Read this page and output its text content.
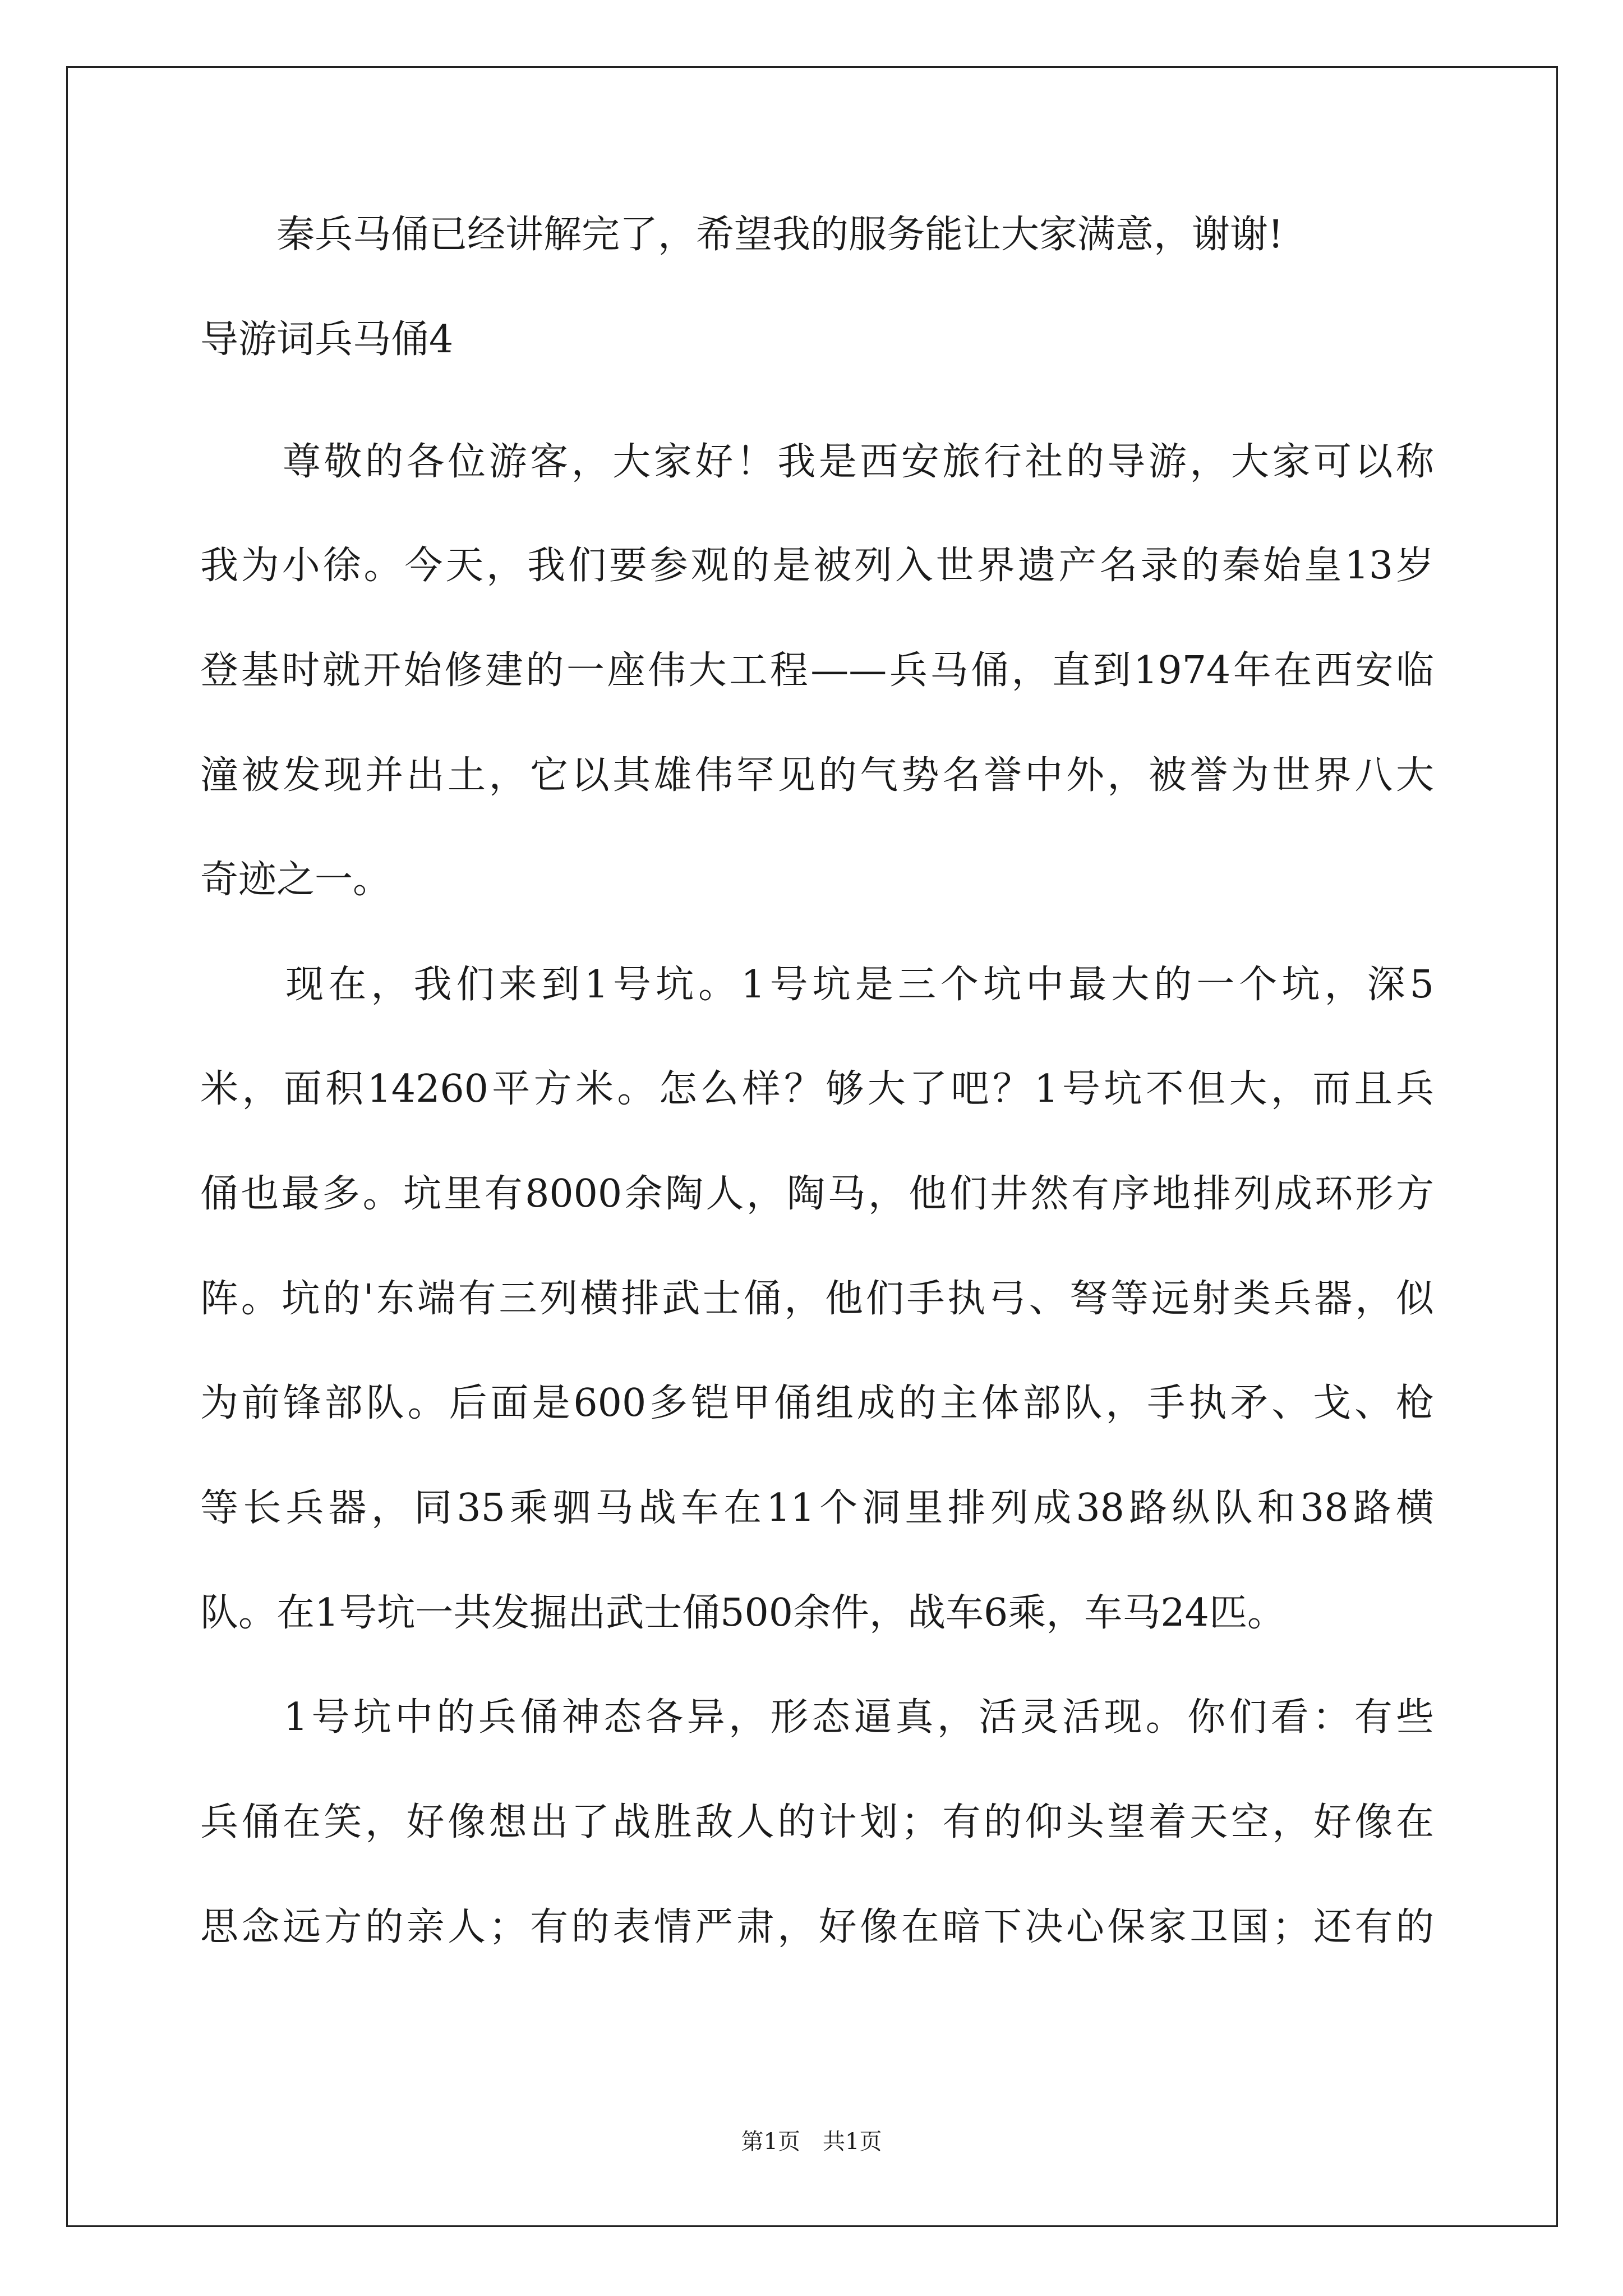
　　秦兵马俑已经讲解完了，希望我的服务能让大家满意，谢谢!

导游词兵马俑4

　　尊敬的各位游客，大家好！我是西安旅行社的导游，大家可以称

我为小徐。今天，我们要参观的是被列入世界遗产名录的秦始皇13岁

登基时就开始修建的一座伟大工程——兵马俑，直到1974年在西安临

潼被发现并出土，它以其雄伟罕见的气势名誉中外，被誉为世界八大

奇迹之一。

　　现在，我们来到1号坑。1号坑是三个坑中最大的一个坑，深5

米，面积14260平方米。怎么样？够大了吧？1号坑不但大，而且兵

俑也最多。坑里有8000余陶人，陶马，他们井然有序地排列成环形方

阵。坑的'东端有三列横排武士俑，他们手执弓、弩等远射类兵器，似

为前锋部队。后面是600多铠甲俑组成的主体部队，手执矛、戈、枪

等长兵器，同35乘驷马战车在11个洞里排列成38路纵队和38路横

队。在1号坑一共发掘出武士俑500余件，战车6乘，车马24匹。

　　1号坑中的兵俑神态各异，形态逼真，活灵活现。你们看：有些

兵俑在笑，好像想出了战胜敌人的计划；有的仰头望着天空，好像在

思念远方的亲人；有的表情严肃，好像在暗下决心保家卫国；还有的

第1页　共1页
